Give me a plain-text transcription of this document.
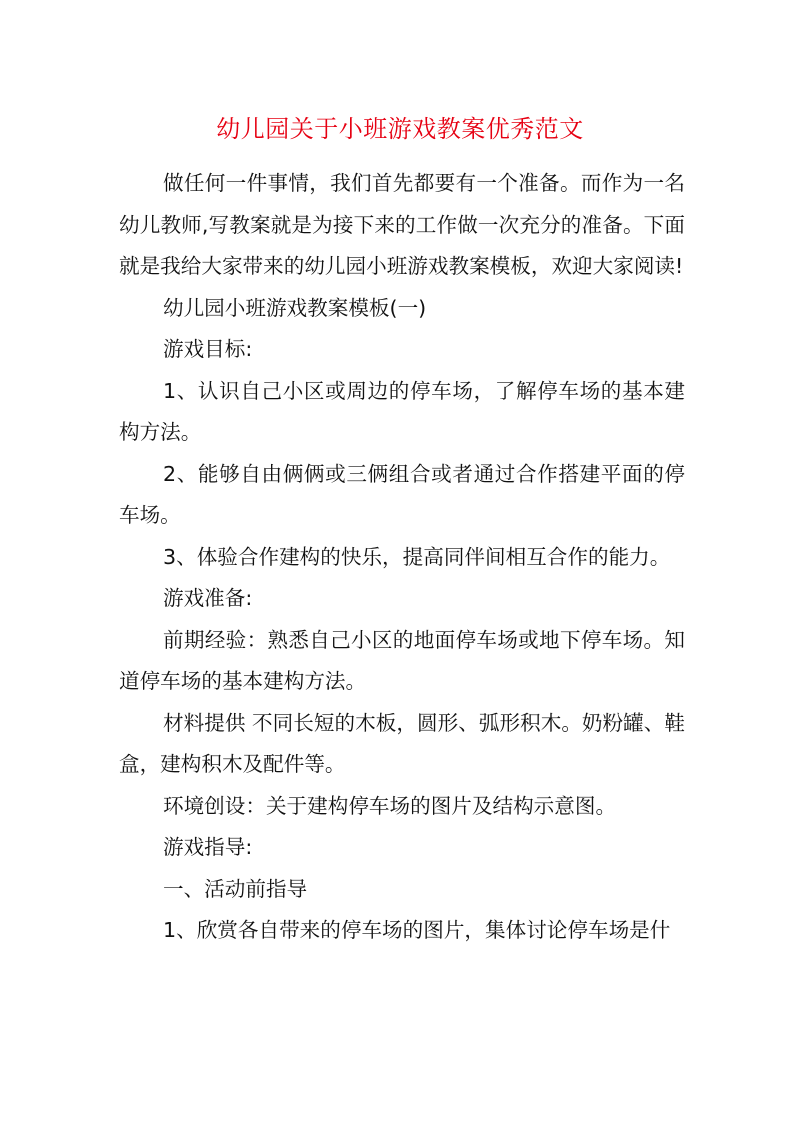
幼儿园关于小班游戏教案优秀范文

做任何一件事情，我们首先都要有一个准备。而作为一名幼儿教师,写教案就是为接下来的工作做一次充分的准备。下面就是我给大家带来的幼儿园小班游戏教案模板，欢迎大家阅读!

幼儿园小班游戏教案模板(一)

游戏目标:

1、认识自己小区或周边的停车场，了解停车场的基本建构方法。

2、能够自由俩俩或三俩组合或者通过合作搭建平面的停车场。

3、体验合作建构的快乐，提高同伴间相互合作的能力。

游戏准备:

前期经验：熟悉自己小区的地面停车场或地下停车场。知道停车场的基本建构方法。

材料提供 不同长短的木板，圆形、弧形积木。奶粉罐、鞋盒，建构积木及配件等。

环境创设：关于建构停车场的图片及结构示意图。

游戏指导:

一、活动前指导

1、欣赏各自带来的停车场的图片，集体讨论停车场是什
